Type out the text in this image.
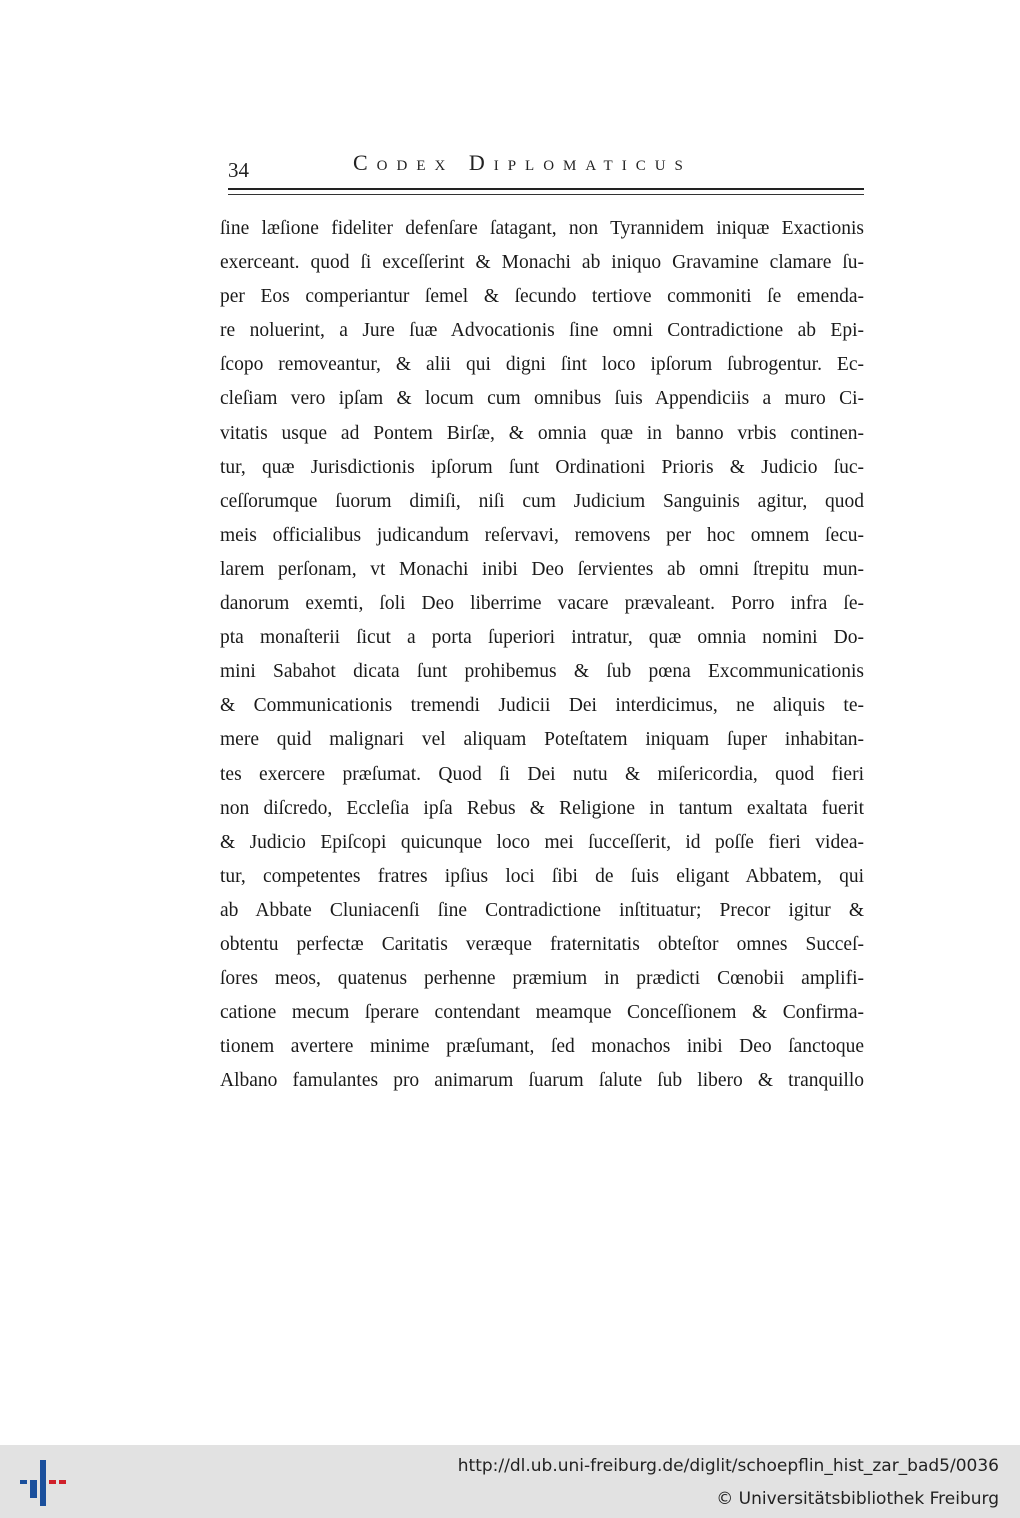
34	Codex Diplomaticus
ſine læſione fideliter defenſare ſatagant, non Tyrannidem iniquæ Exactionis
exerceant. quod ſi exceſſerint & Monachi ab iniquo Gravamine clamare ſu-
per Eos comperiantur ſemel & ſecundo tertiove commoniti ſe emenda-
re noluerint, a Jure ſuæ Advocationis ſine omni Contradictione ab Epi-
ſcopo removeantur, & alii qui digni ſint loco ipſorum ſubrogentur. Ec-
cleſiam vero ipſam & locum cum omnibus ſuis Appendiciis a muro Ci-
vitatis usque ad Pontem Birſæ, & omnia quæ in banno vrbis continen-
tur, quæ Jurisdictionis ipſorum ſunt Ordinationi Prioris & Judicio ſuc-
ceſſorumque ſuorum dimiſi, niſi cum Judicium Sanguinis agitur, quod
meis officialibus judicandum reſervavi, removens per hoc omnem ſecu-
larem perſonam, vt Monachi inibi Deo ſervientes ab omni ſtrepitu mun-
danorum exemti, ſoli Deo liberrime vacare prævaleant. Porro infra ſe-
pta monaſterii ſicut a porta ſuperiori intratur, quæ omnia nomini Do-
mini Sabahot dicata ſunt prohibemus & ſub pœna Excommunicationis
& Communicationis tremendi Judicii Dei interdicimus, ne aliquis te-
mere quid malignari vel aliquam Poteſtatem iniquam ſuper inhabitan-
tes exercere præſumat. Quod ſi Dei nutu & miſericordia, quod fieri
non diſcredo, Eccleſia ipſa Rebus & Religione in tantum exaltata fuerit
& Judicio Epiſcopi quicunque loco mei ſucceſſerit, id poſſe fieri videa-
tur, competentes fratres ipſius loci ſibi de ſuis eligant Abbatem, qui
ab Abbate Cluniacenſi ſine Contradictione inſtituatur; Precor igitur &
obtentu perfectæ Caritatis veræque fraternitatis obteſtor omnes Succeſ-
ſores meos, quatenus perhenne præmium in prædicti Cœnobii amplifi-
catione mecum ſperare contendant meamque Conceſſionem & Confirma-
tionem avertere minime præſumant, ſed monachos inibi Deo ſanctoque
Albano famulantes pro animarum ſuarum ſalute ſub libero & tranquillo
http://dl.ub.uni-freiburg.de/diglit/schoepflin_hist_zar_bad5/0036
© Universitätsbibliothek Freiburg
